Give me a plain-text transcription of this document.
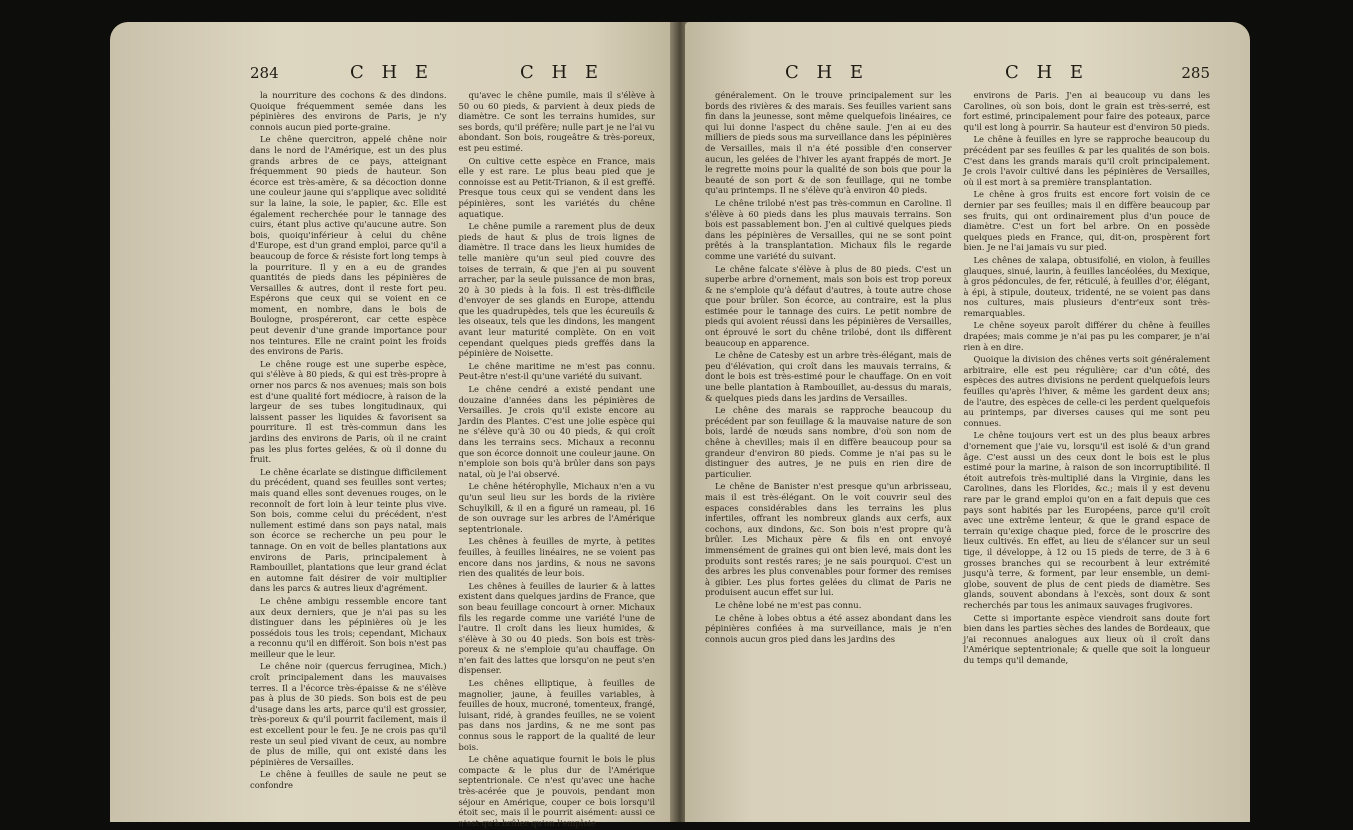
284	C H E	C H E

la nourriture des cochons & des dindons. Quoique fréquemment semée dans les pépinières des environs de Paris, je n'y connois aucun pied porte-graine.

Le chêne quercitron, appelé chêne noir dans le nord de l'Amérique, est un des plus grands arbres de ce pays, atteignant fréquemment 90 pieds de hauteur. Son écorce est très-amère, & sa décoction donne une couleur jaune qui s'applique avec solidité sur la laine, la soie, le papier, &c. Elle est également recherchée pour le tannage des cuirs, étant plus active qu'aucune autre. Son bois, quoiqu'inférieur à celui du chêne d'Europe, est d'un grand emploi, parce qu'il a beaucoup de force & résiste fort long temps à la pourriture. Il y en a eu de grandes quantités de pieds dans les pépinières de Versailles & autres, dont il reste fort peu. Espérons que ceux qui se voient en ce moment, en nombre, dans le bois de Boulogne, prospéreront, car cette espèce peut devenir d'une grande importance pour nos teintures. Elle ne craint point les froids des environs de Paris.

Le chêne rouge est une superbe espèce, qui s'élève à 80 pieds, & qui est très-propre à orner nos parcs & nos avenues; mais son bois est d'une qualité fort médiocre, à raison de la largeur de ses tubes longitudinaux, qui laissent passer les liquides & favorisent sa pourriture. Il est très-commun dans les jardins des environs de Paris, où il ne craint pas les plus fortes gelées, & où il donne du fruit.

Le chêne écarlate se distingue difficilement du précédent, quand ses feuilles sont vertes; mais quand elles sont devenues rouges, on le reconnoît de fort loin à leur teinte plus vive. Son bois, comme celui du précédent, n'est nullement estimé dans son pays natal, mais son écorce se recherche un peu pour le tannage. On en voit de belles plantations aux environs de Paris, principalement à Rambouillet, plantations que leur grand éclat en automne fait désirer de voir multiplier dans les parcs & autres lieux d'agrément.

Le chêne ambigu ressemble encore tant aux deux derniers, que je n'ai pas su les distinguer dans les pépinières où je les possédois tous les trois; cependant, Michaux a reconnu qu'il en différoit. Son bois n'est pas meilleur que le leur.

Le chêne noir (quercus ferruginea, Mich.) croît principalement dans les mauvaises terres. Il a l'écorce très-épaisse & ne s'élève pas à plus de 30 pieds. Son bois est de peu d'usage dans les arts, parce qu'il est grossier, très-poreux & qu'il pourrit facilement, mais il est excellent pour le feu. Je ne crois pas qu'il reste un seul pied vivant de ceux, au nombre de plus de mille, qui ont existé dans les pépinières de Versailles.

Le chêne à feuilles de saule ne peut se confondre

qu'avec le chêne pumile, mais il s'élève à 50 ou 60 pieds, & parvient à deux pieds de diamètre. Ce sont les terrains humides, sur ses bords, qu'il préfère; nulle part je ne l'ai vu abondant. Son bois, rougeâtre & très-poreux, est peu estimé.

On cultive cette espèce en France, mais elle y est rare. Le plus beau pied que je connoisse est au Petit-Trianon, & il est greffé. Presque tous ceux qui se vendent dans les pépinières, sont les variétés du chêne aquatique.

Le chêne pumile a rarement plus de deux pieds de haut & plus de trois lignes de diamètre. Il trace dans les lieux humides de telle manière qu'un seul pied couvre des toises de terrain, & que j'en ai pu souvent arracher, par la seule puissance de mon bras, 20 à 30 pieds à la fois. Il est très-difficile d'envoyer de ses glands en Europe, attendu que les quadrupèdes, tels que les écureuils & les oiseaux, tels que les dindons, les mangent avant leur maturité complète. On en voit cependant quelques pieds greffés dans la pépinière de Noisette.

Le chêne maritime ne m'est pas connu. Peut-être n'est-il qu'une variété du suivant.

Le chêne cendré a existé pendant une douzaine d'années dans les pépinières de Versailles. Je crois qu'il existe encore au Jardin des Plantes. C'est une jolie espèce qui ne s'élève qu'à 30 ou 40 pieds, & qui croît dans les terrains secs. Michaux a reconnu que son écorce donnoit une couleur jaune. On n'emploie son bois qu'à brûler dans son pays natal, où je l'ai observé.

Le chêne hétérophylle, Michaux n'en a vu qu'un seul lieu sur les bords de la rivière Schuylkill, & il en a figuré un rameau, pl. 16 de son ouvrage sur les arbres de l'Amérique septentrionale.

Les chênes à feuilles de myrte, à petites feuilles, à feuilles linéaires, ne se voient pas encore dans nos jardins, & nous ne savons rien des qualités de leur bois.

Les chênes à feuilles de laurier & à lattes existent dans quelques jardins de France, que son beau feuillage concourt à orner. Michaux fils les regarde comme une variété l'une de l'autre. Il croît dans les lieux humides, & s'élève à 30 ou 40 pieds. Son bois est très-poreux & ne s'emploie qu'au chauffage. On n'en fait des lattes que lorsqu'on ne peut s'en dispenser.

Les chênes elliptique, à feuilles de magnolier, jaune, à feuilles variables, à feuilles de houx, mucroné, tomenteux, frangé, luisant, ridé, à grandes feuilles, ne se voient pas dans nos jardins, & ne me sont pas connus sous le rapport de la qualité de leur bois.

Le chêne aquatique fournit le bois le plus compacte & le plus dur de l'Amérique septentrionale. Ce n'est qu'avec une hache très-acérée que je pouvois, pendant mon séjour en Amérique, couper ce bois lorsqu'il étoit sec, mais il le pourrit aisément: aussi ce n'est qu'à brûler qu'on l'emploie

C H E	C H E	285

généralement. On le trouve principalement sur les bords des rivières & des marais. Ses feuilles varient sans fin dans la jeunesse, sont même quelquefois linéaires, ce qui lui donne l'aspect du chêne saule. J'en ai eu des milliers de pieds sous ma surveillance dans les pépinières de Versailles, mais il n'a été possible d'en conserver aucun, les gelées de l'hiver les ayant frappés de mort. Je le regrette moins pour la qualité de son bois que pour la beauté de son port & de son feuillage, qui ne tombe qu'au printemps. Il ne s'élève qu'à environ 40 pieds.

Le chêne trilobé n'est pas très-commun en Caroline. Il s'élève à 60 pieds dans les plus mauvais terrains. Son bois est passablement bon. J'en ai cultivé quelques pieds dans les pépinières de Versailles, qui ne se sont point prêtés à la transplantation. Michaux fils le regarde comme une variété du suivant.

Le chêne falcate s'élève à plus de 80 pieds. C'est un superbe arbre d'ornement, mais son bois est trop poreux & ne s'emploie qu'à défaut d'autres, à toute autre chose que pour brûler. Son écorce, au contraire, est la plus estimée pour le tannage des cuirs. Le petit nombre de pieds qui avoient réussi dans les pépinières de Versailles, ont éprouvé le sort du chêne trilobé, dont ils diffèrent beaucoup en apparence.

Le chêne de Catesby est un arbre très-élégant, mais de peu d'élévation, qui croît dans les mauvais terrains, & dont le bois est très-estimé pour le chauffage. On en voit une belle plantation à Rambouillet, au-dessus du marais, & quelques pieds dans les jardins de Versailles.

Le chêne des marais se rapproche beaucoup du précédent par son feuillage & la mauvaise nature de son bois, lardé de nœuds sans nombre, d'où son nom de chêne à chevilles; mais il en diffère beaucoup pour sa grandeur d'environ 80 pieds. Comme je n'ai pas su le distinguer des autres, je ne puis en rien dire de particulier.

Le chêne de Banister n'est presque qu'un arbrisseau, mais il est très-élégant. On le voit couvrir seul des espaces considérables dans les terrains les plus infertiles, offrant les nombreux glands aux cerfs, aux cochons, aux dindons, &c. Son bois n'est propre qu'à brûler. Les Michaux père & fils en ont envoyé immensément de graines qui ont bien levé, mais dont les produits sont restés rares; je ne sais pourquoi. C'est un des arbres les plus convenables pour former des remises à gibier. Les plus fortes gelées du climat de Paris ne produisent aucun effet sur lui.

Le chêne lobé ne m'est pas connu.

Le chêne à lobes obtus a été assez abondant dans les pépinières confiées à ma surveillance, mais je n'en connois aucun gros pied dans les jardins des

environs de Paris. J'en ai beaucoup vu dans les Carolines, où son bois, dont le grain est très-serré, est fort estimé, principalement pour faire des poteaux, parce qu'il est long à pourrir. Sa hauteur est d'environ 50 pieds.

Le chêne à feuilles en lyre se rapproche beaucoup du précédent par ses feuilles & par les qualités de son bois. C'est dans les grands marais qu'il croît principalement. Je crois l'avoir cultivé dans les pépinières de Versailles, où il est mort à sa première transplantation.

Le chêne à gros fruits est encore fort voisin de ce dernier par ses feuilles; mais il en diffère beaucoup par ses fruits, qui ont ordinairement plus d'un pouce de diamètre. C'est un fort bel arbre. On en possède quelques pieds en France, qui, dit-on, prospèrent fort bien. Je ne l'ai jamais vu sur pied.

Les chênes de xalapa, obtusifolié, en violon, à feuilles glauques, sinué, laurin, à feuilles lancéolées, du Mexique, à gros pédoncules, de fer, réticulé, à feuilles d'or, élégant, à épi, à stipule, douteux, tridenté, ne se voient pas dans nos cultures, mais plusieurs d'entr'eux sont très-remarquables.

Le chêne soyeux paroît différer du chêne à feuilles drapées; mais comme je n'ai pas pu les comparer, je n'ai rien à en dire.

Quoique la division des chênes verts soit généralement arbitraire, elle est peu régulière; car d'un côté, des espèces des autres divisions ne perdent quelquefois leurs feuilles qu'après l'hiver, & même les gardent deux ans; de l'autre, des espèces de celle-ci les perdent quelquefois au printemps, par diverses causes qui me sont peu connues.

Le chêne toujours vert est un des plus beaux arbres d'ornement que j'aie vu, lorsqu'il est isolé & d'un grand âge. C'est aussi un des ceux dont le bois est le plus estimé pour la marine, à raison de son incorruptibilité. Il étoit autrefois très-multiplié dans la Virginie, dans les Carolines, dans les Florides, &c.; mais il y est devenu rare par le grand emploi qu'on en a fait depuis que ces pays sont habités par les Européens, parce qu'il croît avec une extrême lenteur, & que le grand espace de terrain qu'exige chaque pied, force de le proscrire des lieux cultivés. En effet, au lieu de s'élancer sur un seul tige, il développe, à 12 ou 15 pieds de terre, de 3 à 6 grosses branches qui se recourbent à leur extrémité jusqu'à terre, & forment, par leur ensemble, un demi-globe, souvent de plus de cent pieds de diamètre. Ses glands, souvent abondans à l'excès, sont doux & sont recherchés par tous les animaux sauvages frugivores.

Cette si importante espèce viendroit sans doute fort bien dans les parties sèches des landes de Bordeaux, que j'ai reconnues analogues aux lieux où il croît dans l'Amérique septentrionale; & quelle que soit la longueur du temps qu'il demande,
